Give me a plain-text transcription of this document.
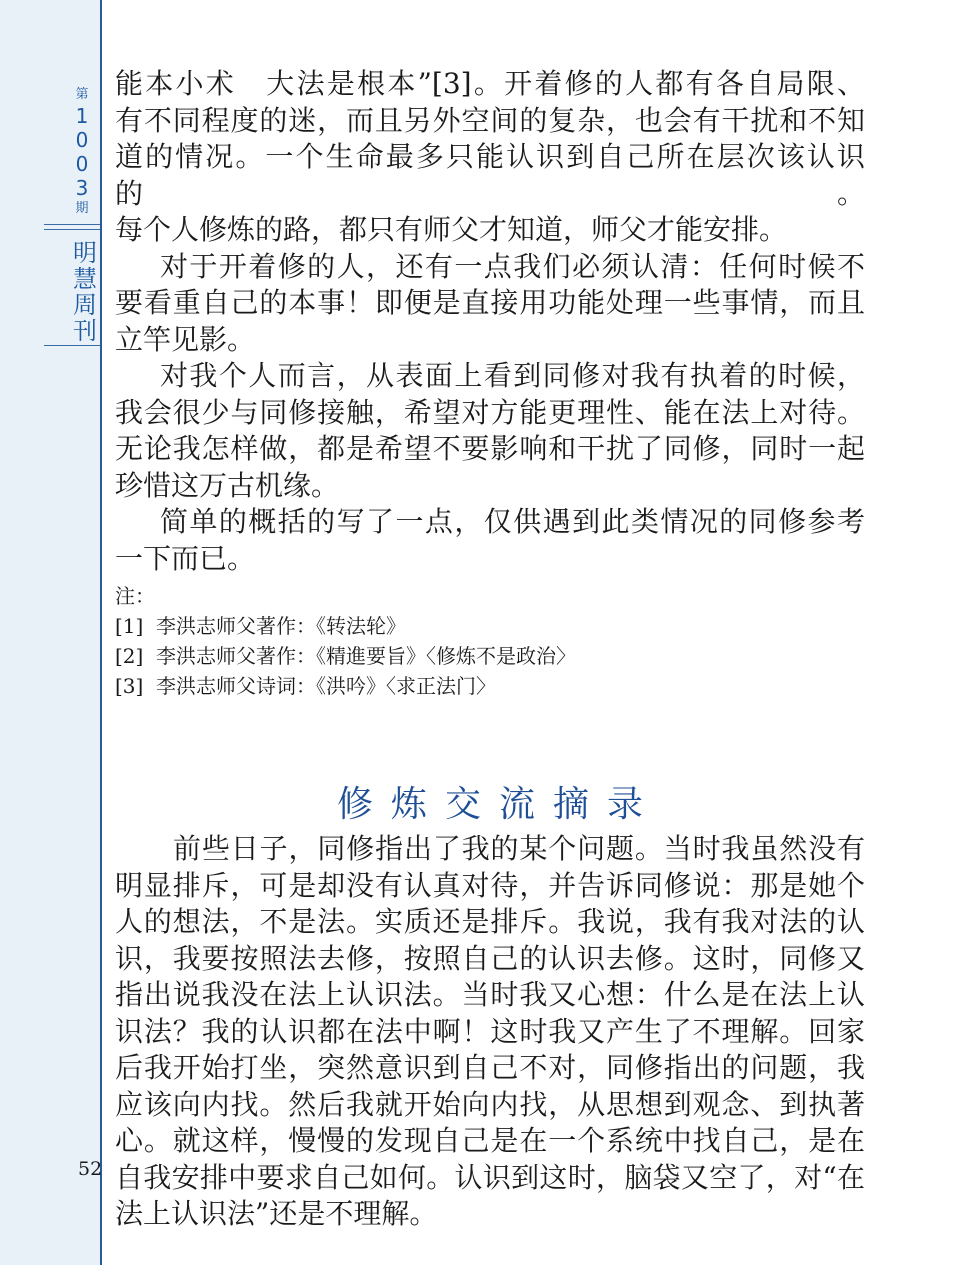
第
1
0
0
3
期
明
慧
周
刊
52

能本小术　大法是根本”[3]。开着修的人都有各自局限、

有不同程度的迷，而且另外空间的复杂，也会有干扰和不知

道的情况。一个生命最多只能认识到自己所在层次该认识的。

每个人修炼的路，都只有师父才知道，师父才能安排。

对于开着修的人，还有一点我们必须认清：任何时候不

要看重自己的本事！即便是直接用功能处理一些事情，而且

立竿见影。

对我个人而言，从表面上看到同修对我有执着的时候，

我会很少与同修接触，希望对方能更理性、能在法上对待。

无论我怎样做，都是希望不要影响和干扰了同修，同时一起

珍惜这万古机缘。

简单的概括的写了一点，仅供遇到此类情况的同修参考

一下而已。

注：

[1]  李洪志师父著作：《转法轮》

[2]  李洪志师父著作：《精進要旨》〈修炼不是政治〉

[3]  李洪志师父诗词：《洪吟》〈求正法门〉

修炼交流摘录

前些日子，同修指出了我的某个问题。当时我虽然没有

明显排斥，可是却没有认真对待，并告诉同修说：那是她个

人的想法，不是法。实质还是排斥。我说，我有我对法的认

识，我要按照法去修，按照自己的认识去修。这时，同修又

指出说我没在法上认识法。当时我又心想：什么是在法上认

识法？我的认识都在法中啊！这时我又产生了不理解。回家

后我开始打坐，突然意识到自己不对，同修指出的问题，我

应该向内找。然后我就开始向内找，从思想到观念、到执著

心。就这样，慢慢的发现自己是在一个系统中找自己，是在

自我安排中要求自己如何。认识到这时，脑袋又空了，对“在

法上认识法”还是不理解。
